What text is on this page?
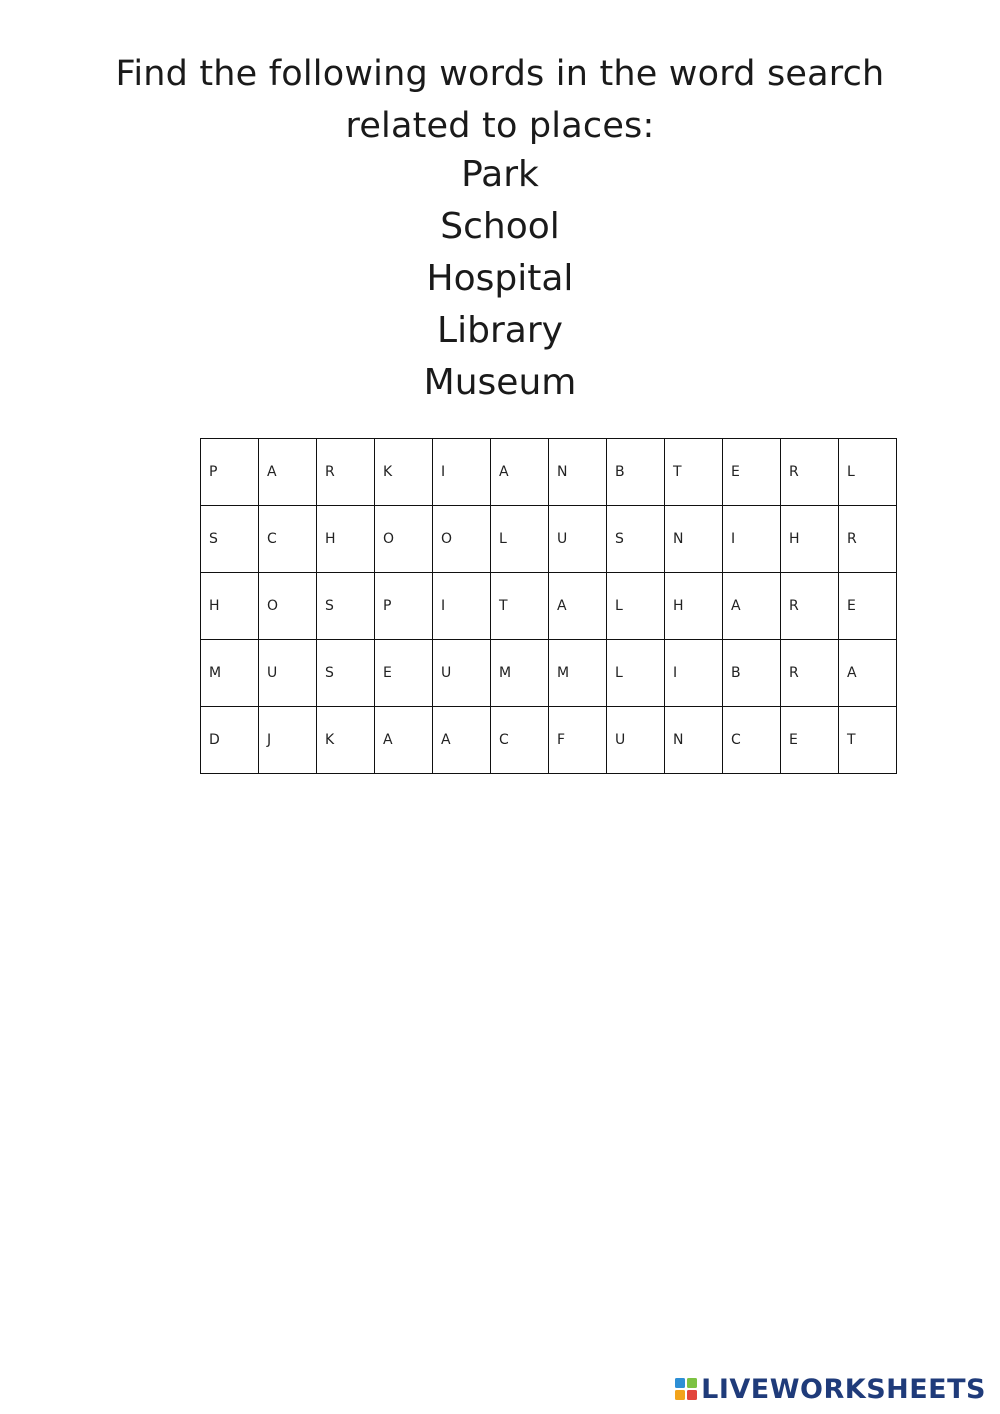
Find the following words in the word search
related to places:
Park
School
Hospital
Library
Museum
P	A	R	K	I	A	N	B	T	E	R	L
S	C	H	O	O	L	U	S	N	I	H	R
H	O	S	P	I	T	A	L	H	A	R	E
M	U	S	E	U	M	M	L	I	B	R	A
D	J	K	A	A	C	F	U	N	C	E	T
LIVEWORKSHEETS
